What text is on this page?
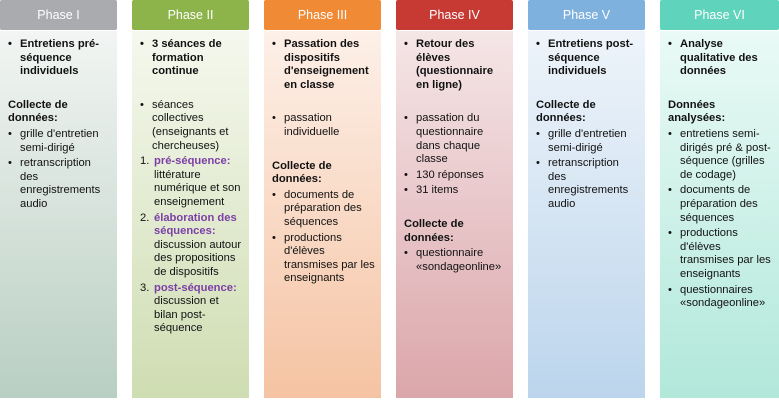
Phase I
• Entretiens pré-séquence individuels
Collecte de données:
• grille d'entretien semi-dirigé
• retranscription des enregistrements audio
Phase II
• 3 séances de formation continue
• séances collectives (enseignants et chercheuses)
1. pré-séquence: littérature numérique et son enseignement
2. élaboration des séquences: discussion autour des propositions de dispositifs
3. post-séquence: discussion et bilan post-séquence
Phase III
• Passation des dispositifs d'enseignement en classe
• passation individuelle
Collecte de données:
• documents de préparation des séquences
• productions d'élèves transmises par les enseignants
Phase IV
• Retour des élèves (questionnaire en ligne)
• passation du questionnaire dans chaque classe
• 130 réponses
• 31 items
Collecte de données:
• questionnaire «sondageonline»
Phase V
• Entretiens post-séquence individuels
Collecte de données:
• grille d'entretien semi-dirigé
• retranscription des enregistrements audio
Phase VI
• Analyse qualitative des données
Données analysées:
• entretiens semi-dirigés pré & post-séquence (grilles de codage)
• documents de préparation des séquences
• productions d'élèves transmises par les enseignants
• questionnaires «sondageonline»
